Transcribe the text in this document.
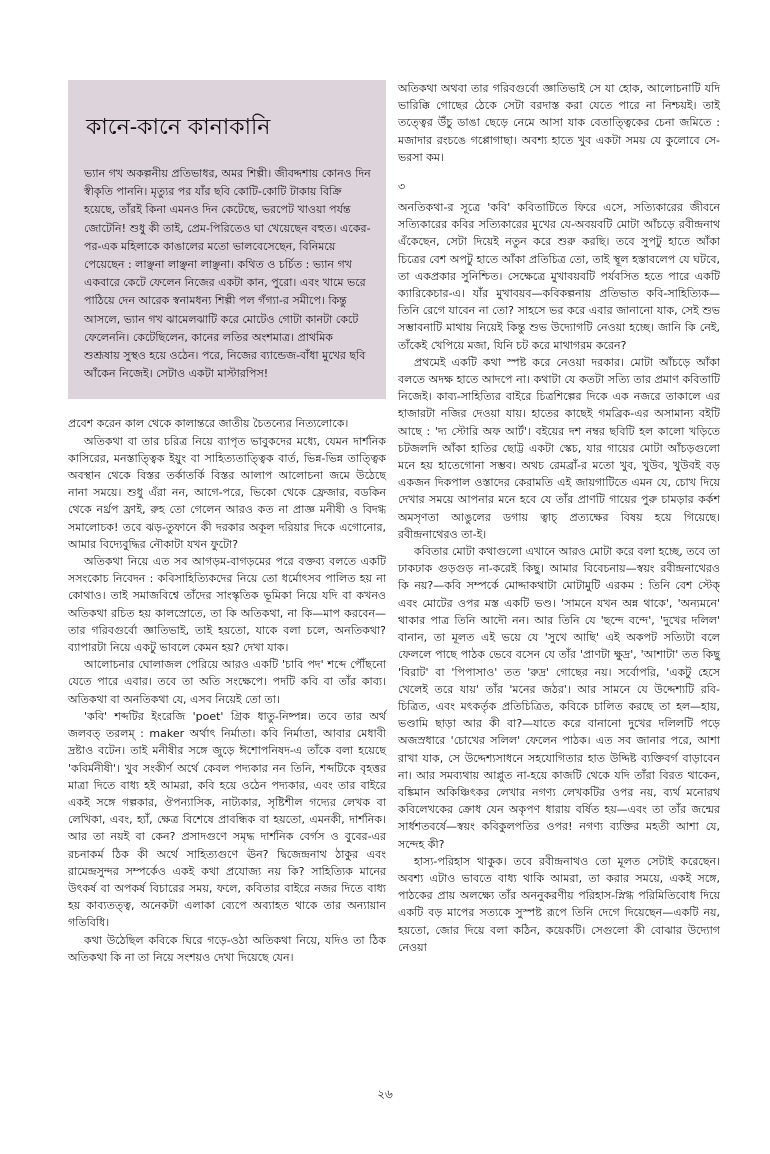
কানে-কানে কানাকানি

ভ্যান গখ অকল্পনীয় প্রতিভাধর, অমর শিল্পী। জীবদ্দশায় কোনও দিন স্বীকৃতি পাননি। মৃত্যুর পর যাঁর ছবি কোটি-কোটি টাকায় বিক্রি হয়েছে, তাঁরই কিনা এমনও দিন কেটেছে, ভরপেট খাওয়া পর্যন্ত জোটেনি! শুধু কী তাই, প্রেম-পিরিতেও ঘা খেয়েছেন বহুত। একের-পর-এক মহিলাকে কাঙালের মতো ভালবেসেছেন, বিনিময়ে পেয়েছেন : লাঞ্ছনা লাঞ্ছনা লাঞ্ছনা। কথিত ও চর্চিত : ভ্যান গখ একবারে কেটে ফেলেন নিজের একটা কান, পুরো। এবং খামে ভরে পাঠিয়ে দেন আরেক স্বনামধন্য শিল্পী পল গঁগ্যা-র সমীপে। কিন্তু আসলে, ভ্যান গখ ঝামেলঝাটি করে মোটেও গোটা কানটা কেটে ফেলেননি। কেটেছিলেন, কানের লতির অংশমাত্র। প্রাথমিক শুশ্রূষায় সুস্থও হয়ে ওঠেন। পরে, নিজের ব্যান্ডেজ-বাঁধা মুখের ছবি আঁকেন নিজেই। সেটাও একটা মাস্টারপিস!

প্রবেশ করেন কাল থেকে কালান্তরে জাতীয় চৈতন্যের নিত্যলোকে।

অতিকথা বা তার চরিত্র নিয়ে ব্যাপৃত ভাবুকদের মধ্যে, যেমন দার্শনিক কাসিরের, মনস্তাত্ত্বিক ইয়ুং বা সাহিত্যতাত্ত্বিক বার্ত, ভিন্ন-ভিন্ন তাত্ত্বিক অবস্থান থেকে বিস্তর তর্কাতর্কি বিস্তর আলাপ আলোচনা জমে উঠেছে নানা সময়ে। শুধু এঁরা নন, আগে-পরে, ভিকো থেকে ফ্রেজার, বডকিন থেকে নর্থ্রপ ফ্রাই, রুহ তো গেলেন আরও কত না প্রাজ্ঞ মনীষী ও বিদগ্ধ সমালোচক! তবে ঝড়-তুফানে কী দরকার অকূল দরিয়ার দিকে এগোনোর, আমার বিদ্যেবুদ্ধির নৌকাটা যখন ফুটো?

অতিকথা নিয়ে এত সব আগড়ম-বাগড়মের পরে বক্তব্য বলতে একটি সসংকোচ নিবেদন : কবিসাহিত্যিকদের নিয়ে তো ধর্মোৎসব পালিত হয় না কোথাও। তাই সমাজবিশ্বে তাঁদের সাংস্কৃতিক ভূমিকা নিয়ে যদি বা কখনও অতিকথা রচিত হয় কালস্রোতে, তা কি অতিকথা, না কি—মাপ করবেন—তার গরিবগুর্বো জ্ঞাতিভাই, তাই হয়তো, যাকে বলা চলে, অনতিকথা? ব্যাপারটা নিয়ে একটু ভাবলে কেমন হয়? দেখা যাক।

আলোচনার ঘোলাজল পেরিয়ে আরও একটি 'চাবি পদ' শব্দে পৌঁছনো যেতে পারে এবার। তবে তা অতি সংক্ষেপে। পদটি কবি বা তাঁর কাব্য। অতিকথা বা অনতিকথা যে, এসব নিয়েই তো তা।

'কবি' শব্দটির ইংরেজি 'poet' গ্রিক ধাতু-নিষ্পন্ন। তবে তার অর্থ জলবত্ তরলম্ : maker অর্থাৎ নির্মাতা। কবি নির্মাতা, আবার মেধাবী দ্রষ্টাও বটেন। তাই মনীষীর সঙ্গে জুড়ে ঈশোপনিষদ-এ তাঁকে বলা হয়েছে 'কবির্মনীষী'। খুব সংকীর্ণ অর্থে কেবল পদ্যকার নন তিনি, শব্দটিকে বৃহত্তর মাত্রা দিতে বাধ্য হই আমরা, কবি হয়ে ওঠেন পদ্যকার, এবং তার বাইরে একই সঙ্গে গল্পকার, ঔপন্যাসিক, নাট্যকার, সৃষ্টিশীল গদ্যের লেখক বা লেখিকা, এবং, হ্যাঁ, ক্ষেত্র বিশেষে প্রাবন্ধিক বা হয়তো, এমনকী, দার্শনিক। আর তা নয়ই বা কেন? প্রসাদগুণে সমৃদ্ধ দার্শনিক বের্গস ও বুবের-এর রচনাকর্ম ঠিক কী অর্থে সাহিত্যগুণে ঊন? দ্বিজেন্দ্রনাথ ঠাকুর এবং রামেন্দ্রসুন্দর সম্পর্কেও একই কথা প্রযোজ্য নয় কি? সাহিত্যিক মানের উৎকর্ষ বা অপকর্ষ বিচারের সময়, ফলে, কবিতার বাইরে নজর দিতে বাধ্য হয় কাব্যতত্ত্ব, অনেকটা এলাকা ব্যেপে অব্যাহত থাকে তার অন্যায়ান গতিবিধি।

কথা উঠেছিল কবিকে ঘিরে গড়ে-ওঠা অতিকথা নিয়ে, যদিও তা ঠিক অতিকথা কি না তা নিয়ে সংশয়ও দেখা দিয়েছে যেন।

অতিকথা অথবা তার গরিবগুর্বো জ্ঞাতিভাই সে যা হোক, আলোচনাটি যদি ভারিক্কি গোছের ঠেকে সেটা বরদাস্ত করা যেতে পারে না নিশ্চয়ই। তাই তত্ত্বের উঁচু ডাঙা ছেড়ে নেমে আসা যাক বেতাত্ত্বিকের চেনা জমিতে : মজাদার রংচঙে গপ্পোগাছা। অবশ্য হাতে খুব একটা সময় যে কুলোবে সে-ভরসা কম।

৩

অনতিকথা-র সূত্রে 'কবি' কবিতাটিতে ফিরে এসে, সত্যিকারের জীবনে সত্যিকারের কবির সত্যিকারের মুখের যে-অবয়বটি মোটা আঁচড়ে রবীন্দ্রনাথ এঁকেছেন, সেটা দিয়েই নতুন করে শুরু করছি। তবে সুপটু হাতে আঁকা চিত্রের বেশ অপটু হাতে আঁকা প্রতিচিত্র তো, তাই স্থূল হস্তাবলেপ যে ঘটবে, তা একপ্রকার সুনিশ্চিত। সেক্ষেত্রে মুখাবয়বটি পর্যবসিত হতে পারে একটি ক্যারিকেচার-এ। যাঁর মুখাবয়ব—কবিকল্পনায় প্রতিভাত কবি-সাহিত্যিক—তিনি রেগে যাবেন না তো? সাহসে ভর করে এবার জানানো যাক, সেই শুভ সম্ভাবনাটি মাথায় নিয়েই কিন্তু শুভ উদ্যোগটি নেওয়া হচ্ছে। জানি কি নেই, তাঁকেই খেপিয়ে মজা, যিনি চট করে মাথাগরম করেন?

প্রথমেই একটি কথা স্পষ্ট করে নেওয়া দরকার। মোটা আঁচড়ে আঁকা বলতে অদক্ষ হাতে আদপে না। কথাটা যে কতটা সত্যি তার প্রমাণ কবিতাটি নিজেই। কাব্য-সাহিত্যির বাইরে চিত্রশিল্পের দিকে এক নজরে তাকালে এর হাজারটা নজির দেওয়া যায়। হাতের কাছেই গমব্রিক-এর অসামান্য বইটি আছে : 'দ্য স্টোরি অফ আর্ট'। বইয়ের দশ নম্বর ছবিটি হল কালো খড়িতে চটজলদি আঁকা হাতির ছোট্ট একটা স্কেচ, যার গায়ের মোটা আঁচড়গুলো মনে হয় হাতেগোনা সম্ভব। অথচ রেমব্রাঁ-র মতো খুব, খুউব, খুউবই বড় একজন দিকপাল ওস্তাদের কেরামতি এই জায়গাটিতে এমন যে, চোখ দিয়ে দেখার সময়ে আপনার মনে হবে যে তাঁর প্রাণটি গায়ের পুরু চামড়ার কর্কশ অমসৃণতা আঙুলের ডগায় ত্বাচ্ প্রত্যক্ষের বিষয় হয়ে গিয়েছে। রবীন্দ্রনাথেরও তা-ই।

কবিতার মোটা কথাগুলো এখানে আরও মোটা করে বলা হচ্ছে, তবে তা ঢাকঢাক গুড়গুড় না-করেই কিছু। আমার বিবেচনায়—স্বয়ং রবীন্দ্রনাথেরও কি নয়?—কবি সম্পর্কে মোদ্দাকথাটা মোটামুটি এরকম : তিনি বেশ স্টেক্ এবং মোটের ওপর মস্ত একটি ভণ্ড। 'সামনে যখন অন্ন থাকে', 'অন্যমনে' থাকার পাত্র তিনি আদৌ নন। আর তিনি যে 'ছন্দে বন্দে', 'দুখের দলিল' বানান, তা মূলত এই ভয়ে যে 'সুখে আছি' এই অকপট সত্যিটা বলে ফেললে পাছে পাঠক ভেবে বসেন যে তাঁর 'প্রাণটা ক্ষুদ্র', 'আশাটা' তত কিছু 'বিরাট' বা 'পিপাসাও' তত 'রুদ্র' গোছের নয়। সর্বোপরি, 'একটু হেসে খেলেই তরে যায়' তাঁর 'মনের জঠর'। আর সামনে যে উদ্দেশ্যটি রবি-চিত্রিত, এবং মৎকর্তৃক প্রতিচিত্রিত, কবিকে চালিত করছে তা হল—হায়, ভণ্ডামি ছাড়া আর কী বা?—যাতে করে বানানো দুখের দলিলটি পড়ে অজস্রধারে 'চোখের সলিল' ফেলেন পাঠক। এত সব জানার পরে, আশা রাখা যাক, সে উদ্দেশ্যসাধনে সহযোগিতার হাত উদ্দিষ্ট ব্যক্তিবর্গ বাড়াবেন না। আর সমব্যথায় আপ্লুত না-হয়ে কাজটি থেকে যদি তাঁরা বিরত থাকেন, বঙ্কিমান অকিঞ্চিৎকর লেখার নগণ্য লেখকটির ওপর নয়, ব্যর্থ মনোরথ কবিলেখকের ক্রোধ যেন অকৃপণ ধারায় বর্ষিত হয়—এবং তা তাঁর জন্মের সার্ধশতবর্ষে—স্বয়ং কবিকুলপতির ওপর! নগণ্য ব্যক্তির মহতী আশা যে, সন্দেহ কী?

হাস্য-পরিহাস থাকুক। তবে রবীন্দ্রনাথও তো মূলত সেটাই করেছেন। অবশ্য এটাও ভাবতে বাধ্য থাকি আমরা, তা করার সময়ে, একই সঙ্গে, পাঠকের প্রায় অলক্ষ্যে তাঁর অননুকরণীয় পরিহাস-স্নিগ্ধ পরিমিতিবোধ দিয়ে একটি বড় মাপের সত্যকে সুস্পষ্ট রূপে তিনি দেগে দিয়েছেন—একটি নয়, হয়তো, জোর দিয়ে বলা কঠিন, কয়েকটি। সেগুলো কী বোঝার উদ্যোগ নেওয়া

২৬
